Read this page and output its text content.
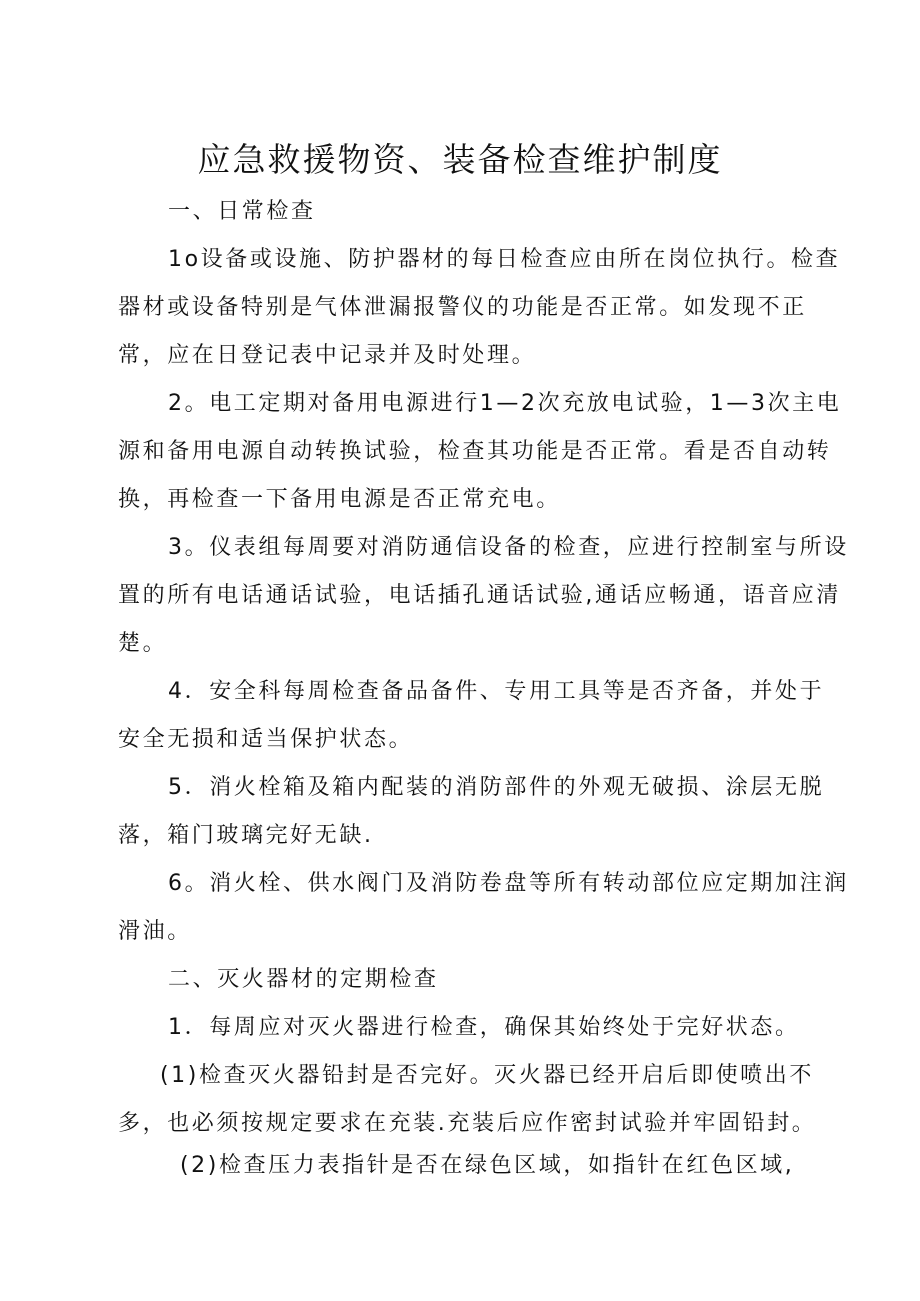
应急救援物资、装备检查维护制度
一、日常检查
1o设备或设施、防护器材的每日检查应由所在岗位执行。检查
器材或设备特别是气体泄漏报警仪的功能是否正常。如发现不正
常，应在日登记表中记录并及时处理。
2。电工定期对备用电源进行1—2次充放电试验，1—3次主电
源和备用电源自动转换试验，检查其功能是否正常。看是否自动转
换，再检查一下备用电源是否正常充电。
3。仪表组每周要对消防通信设备的检查，应进行控制室与所设
置的所有电话通话试验，电话插孔通话试验,通话应畅通，语音应清
楚。
4．安全科每周检查备品备件、专用工具等是否齐备，并处于
安全无损和适当保护状态。
5．消火栓箱及箱内配装的消防部件的外观无破损、涂层无脱
落，箱门玻璃完好无缺.
6。消火栓、供水阀门及消防卷盘等所有转动部位应定期加注润
滑油。
二、灭火器材的定期检查
1．每周应对灭火器进行检查，确保其始终处于完好状态。
(1)检查灭火器铅封是否完好。灭火器已经开启后即使喷出不
多，也必须按规定要求在充装.充装后应作密封试验并牢固铅封。
(2)检查压力表指针是否在绿色区域，如指针在红色区域,
